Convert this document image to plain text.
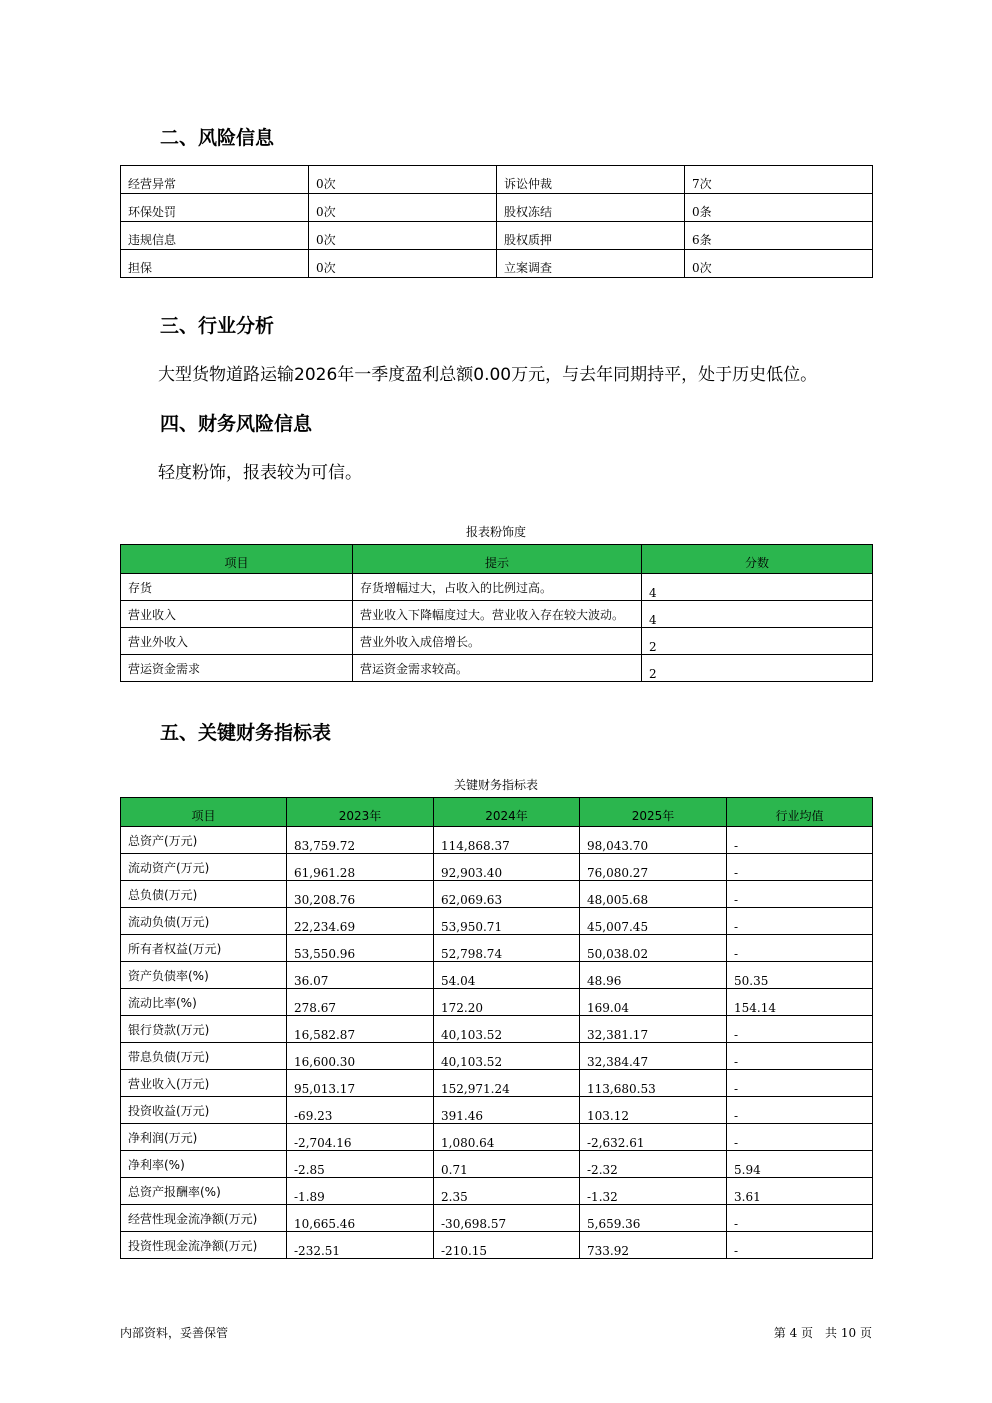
二、风险信息
经营异常	0次	诉讼仲裁	7次
环保处罚	0次	股权冻结	0条
违规信息	0次	股权质押	6条
担保	0次	立案调查	0次
三、行业分析

大型货物道路运输2026年一季度盈利总额0.00万元，与去年同期持平，处于历史低位。

四、财务风险信息

轻度粉饰，报表较为可信。

报表粉饰度
项目	提示	分数
存货	存货增幅过大，占收入的比例过高。	4
营业收入	营业收入下降幅度过大。营业收入存在较大波动。	4
营业外收入	营业外收入成倍增长。	2
营运资金需求	营运资金需求较高。	2
五、关键财务指标表
关键财务指标表
项目	2023年	2024年	2025年	行业均值
总资产(万元)	83,759.72	114,868.37	98,043.70	-
流动资产(万元)	61,961.28	92,903.40	76,080.27	-
总负债(万元)	30,208.76	62,069.63	48,005.68	-
流动负债(万元)	22,234.69	53,950.71	45,007.45	-
所有者权益(万元)	53,550.96	52,798.74	50,038.02	-
资产负债率(%)	36.07	54.04	48.96	50.35
流动比率(%)	278.67	172.20	169.04	154.14
银行贷款(万元)	16,582.87	40,103.52	32,381.17	-
带息负债(万元)	16,600.30	40,103.52	32,384.47	-
营业收入(万元)	95,013.17	152,971.24	113,680.53	-
投资收益(万元)	-69.23	391.46	103.12	-
净利润(万元)	-2,704.16	1,080.64	-2,632.61	-
净利率(%)	-2.85	0.71	-2.32	5.94
总资产报酬率(%)	-1.89	2.35	-1.32	3.61
经营性现金流净额(万元)	10,665.46	-30,698.57	5,659.36	-
投资性现金流净额(万元)	-232.51	-210.15	733.92	-
内部资料，妥善保管	第 4 页　共 10 页
